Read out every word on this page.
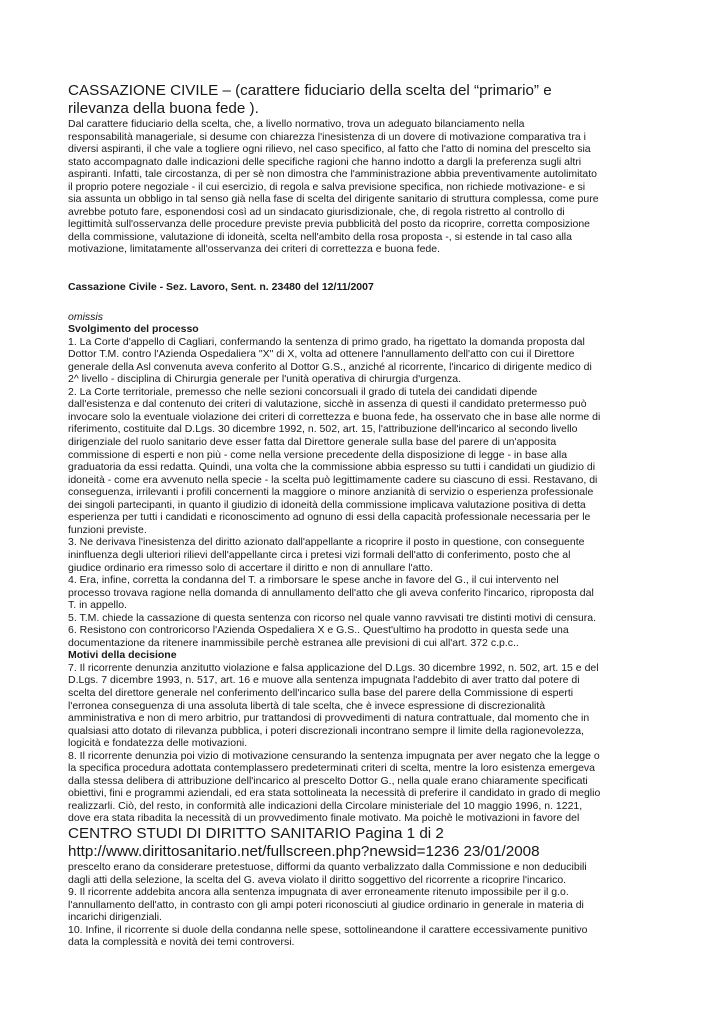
CASSAZIONE CIVILE – (carattere fiduciario della scelta del “primario” e
rilevanza della buona fede ).
Dal carattere fiduciario della scelta, che, a livello normativo, trova un adeguato bilanciamento nella
responsabilità manageriale, si desume con chiarezza l'inesistenza di un dovere di motivazione comparativa tra i
diversi aspiranti, il che vale a togliere ogni rilievo, nel caso specifico, al fatto che l'atto di nomina del prescelto sia
stato accompagnato dalle indicazioni delle specifiche ragioni che hanno indotto a dargli la preferenza sugli altri
aspiranti. Infatti, tale circostanza, di per sè non dimostra che l'amministrazione abbia preventivamente autolimitato
il proprio potere negoziale - il cui esercizio, di regola e salva previsione specifica, non richiede motivazione- e si
sia assunta un obbligo in tal senso già nella fase di scelta del dirigente sanitario di struttura complessa, come pure
avrebbe potuto fare, esponendosi così ad un sindacato giurisdizionale, che, di regola ristretto al controllo di
legittimità sull'osservanza delle procedure previste previa pubblicità del posto da ricoprire, corretta composizione
della commissione, valutazione di idoneità, scelta nell'ambito della rosa proposta -, si estende in tal caso alla
motivazione, limitatamente all'osservanza dei criteri di correttezza e buona fede.
Cassazione Civile - Sez. Lavoro, Sent. n. 23480 del 12/11/2007
omissis
Svolgimento del processo
1. La Corte d'appello di Cagliari, confermando la sentenza di primo grado, ha rigettato la domanda proposta dal
Dottor T.M. contro l'Azienda Ospedaliera "X" di X, volta ad ottenere l'annullamento dell'atto con cui il Direttore
generale della Asl convenuta aveva conferito al Dottor G.S., anziché al ricorrente, l'incarico di dirigente medico di
2^ livello - disciplina di Chirurgia generale per l'unità operativa di chirurgia d'urgenza.
2. La Corte territoriale, premesso che nelle sezioni concorsuali il grado di tutela dei candidati dipende
dall'esistenza e dal contenuto dei criteri di valutazione, sicchè in assenza di questi il candidato pretermesso può
invocare solo la eventuale violazione dei criteri di correttezza e buona fede, ha osservato che in base alle norme di
riferimento, costituite dal D.Lgs. 30 dicembre 1992, n. 502, art. 15, l'attribuzione dell'incarico al secondo livello
dirigenziale del ruolo sanitario deve esser fatta dal Direttore generale sulla base del parere di un'apposita
commissione di esperti e non più - come nella versione precedente della disposizione di legge - in base alla
graduatoria da essi redatta. Quindi, una volta che la commissione abbia espresso su tutti i candidati un giudizio di
idoneità - come era avvenuto nella specie - la scelta può legittimamente cadere su ciascuno di essi. Restavano, di
conseguenza, irrilevanti i profili concernenti la maggiore o minore anzianità di servizio o esperienza professionale
dei singoli partecipanti, in quanto il giudizio di idoneità della commissione implicava valutazione positiva di detta
esperienza per tutti i candidati e riconoscimento ad ognuno di essi della capacità professionale necessaria per le
funzioni previste.
3. Ne derivava l'inesistenza del diritto azionato dall'appellante a ricoprire il posto in questione, con conseguente
ininfluenza degli ulteriori rilievi dell'appellante circa i pretesi vizi formali dell'atto di conferimento, posto che al
giudice ordinario era rimesso solo di accertare il diritto e non di annullare l'atto.
4. Era, infine, corretta la condanna del T. a rimborsare le spese anche in favore del G., il cui intervento nel
processo trovava ragione nella domanda di annullamento dell'atto che gli aveva conferito l'incarico, riproposta dal
T. in appello.
5. T.M. chiede la cassazione di questa sentenza con ricorso nel quale vanno ravvisati tre distinti motivi di censura.
6. Resistono con controricorso l'Azienda Ospedaliera X e G.S.. Quest'ultimo ha prodotto in questa sede una
documentazione da ritenere inammissibile perchè estranea alle previsioni di cui all'art. 372 c.p.c..
Motivi della decisione
7. Il ricorrente denunzia anzitutto violazione e falsa applicazione del D.Lgs. 30 dicembre 1992, n. 502, art. 15 e del
D.Lgs. 7 dicembre 1993, n. 517, art. 16 e muove alla sentenza impugnata l'addebito di aver tratto dal potere di
scelta del direttore generale nel conferimento dell'incarico sulla base del parere della Commissione di esperti
l'erronea conseguenza di una assoluta libertà di tale scelta, che è invece espressione di discrezionalità
amministrativa e non di mero arbitrio, pur trattandosi di provvedimenti di natura contrattuale, dal momento che in
qualsiasi atto dotato di rilevanza pubblica, i poteri discrezionali incontrano sempre il limite della ragionevolezza,
logicità e fondatezza delle motivazioni.
8. Il ricorrente denunzia poi vizio di motivazione censurando la sentenza impugnata per aver negato che la legge o
la specifica procedura adottata contemplassero predeterminati criteri di scelta, mentre la loro esistenza emergeva
dalla stessa delibera di attribuzione dell'incarico al prescelto Dottor G., nella quale erano chiaramente specificati
obiettivi, fini e programmi aziendali, ed era stata sottolineata la necessità di preferire il candidato in grado di meglio
realizzarli. Ciò, del resto, in conformità alle indicazioni della Circolare ministeriale del 10 maggio 1996, n. 1221,
dove era stata ribadita la necessità di un provvedimento finale motivato. Ma poichè le motivazioni in favore del
CENTRO STUDI DI DIRITTO SANITARIO Pagina 1 di 2
http://www.dirittosanitario.net/fullscreen.php?newsid=1236 23/01/2008
prescelto erano da considerare pretestuose, difformi da quanto verbalizzato dalla Commissione e non deducibili
dagli atti della selezione, la scelta del G. aveva violato il diritto soggettivo del ricorrente a ricoprire l'incarico.
9. Il ricorrente addebita ancora alla sentenza impugnata di aver erroneamente ritenuto impossibile per il g.o.
l'annullamento dell'atto, in contrasto con gli ampi poteri riconosciuti al giudice ordinario in generale in materia di
incarichi dirigenziali.
10. Infine, il ricorrente si duole della condanna nelle spese, sottolineandone il carattere eccessivamente punitivo
data la complessità e novità dei temi controversi.
